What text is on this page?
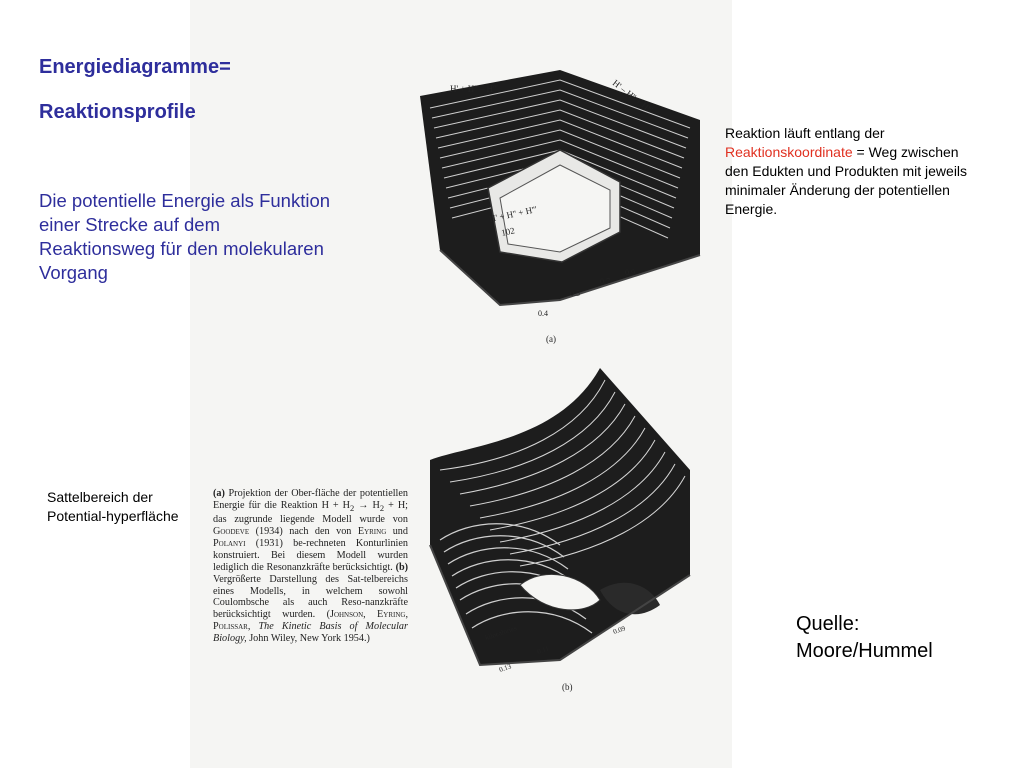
Energiediagramme=
Reaktionsprofile
Die potentielle Energie als Funktion einer Strecke auf dem Reaktionsweg für den molekularen Vorgang
Reaktion läuft entlang der Reaktionskoordinate = Weg zwischen den Edukten und Produkten mit jeweils minimaler Änderung der potentiellen Energie.
Sattelbereich der Potential-hyperfläche
Quelle: Moore/Hummel
H' + H'' – H'''	H' – H'' + H'''
H' + H'' + H'''
102
0.4
0.5
0.7
0.9
(a)
kilocalories
0.11
0.13
0.09
(b)
(a) Projektion der Ober-fläche der potentiellen Energie für die Reaktion $H + H_2 \to H_2 + H$; das zugrunde liegende Modell wurde von Goodeve (1934) nach den von Eyring und Polanyi (1931) be-rechneten Konturlinien konstruiert. Bei diesem Modell wurden lediglich die Resonanzkräfte berücksichtigt. (b) Vergrößerte Darstellung des Sat-telbereichs eines Modells, in welchem sowohl Coulombsche als auch Reso-nanzkräfte berücksichtigt wurden. (Johnson, Eyring, Polissar, The Kinetic Basis of Molecular Biology, John Wiley, New York 1954.)
